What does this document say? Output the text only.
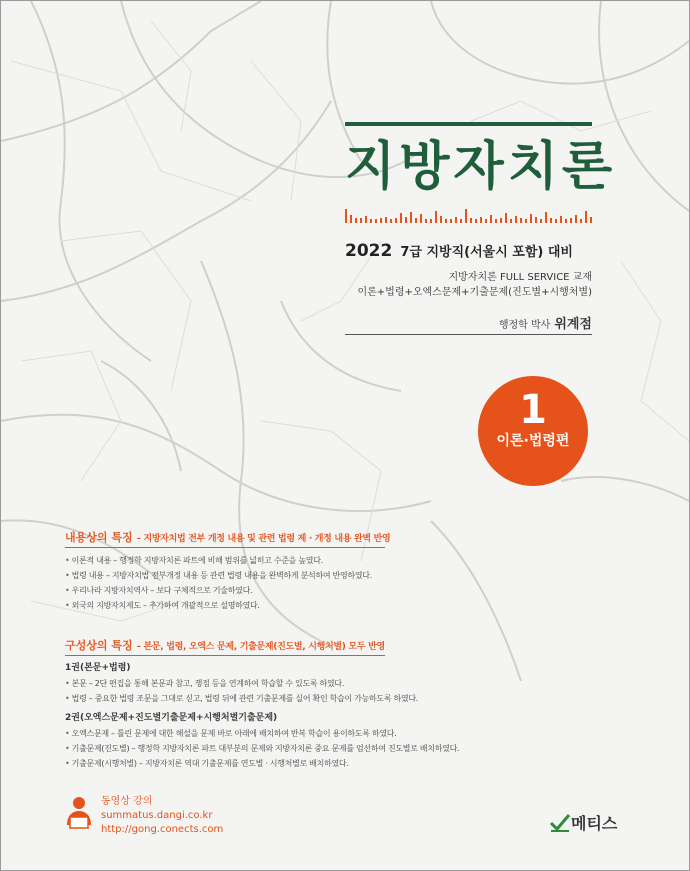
지방자치론
2022 7급 지방직(서울시 포함) 대비
지방자치론 FULL SERVICE 교재
이론+법령+오엑스문제+기출문제(진도별+시행처별)
행정학 박사 위계점
1
이론·법령편
내용상의 특징 – 지방자치법 전부 개정 내용 및 관련 법령 제 · 개정 내용 완벽 반영
• 이론적 내용 – 행정학 지방자치론 파트에 비해 범위를 넓히고 수준을 높였다.
• 법령 내용 – 지방자치법 전부개정 내용 등 관련 법령 내용을 완벽하게 분석하여 반영하였다.
• 우리나라 지방자치역사 – 보다 구체적으로 기술하였다.
• 외국의 지방자치제도 – 추가하여 개괄적으로 설명하였다.
구성상의 특징 – 본문, 법령, 오엑스 문제, 기출문제(진도별, 시행처별) 모두 반영
1권(본문+법령)
• 본문 – 2단 편집을 통해 본문과 참고, 쟁점 등을 연계하여 학습할 수 있도록 하였다.
• 법령 – 중요한 법령 조문을 그대로 싣고, 법령 뒤에 관련 기출문제를 실어 확인 학습이 가능하도록 하였다.
2권(오엑스문제+진도별기출문제+시행처별기출문제)
• 오엑스문제 – 틀린 문제에 대한 해설을 문제 바로 아래에 배치하여 반복 학습이 용이하도록 하였다.
• 기출문제(진도별) – 행정학 지방자치론 파트 대부분의 문제와 지방자치론 중요 문제를 엄선하여 진도별로 배치하였다.
• 기출문제(시행처별) – 지방자치론 역대 기출문제를 연도별 · 시행처별로 배치하였다.
동영상 강의
summatus.dangi.co.kr
http://gong.conects.com	메티스
